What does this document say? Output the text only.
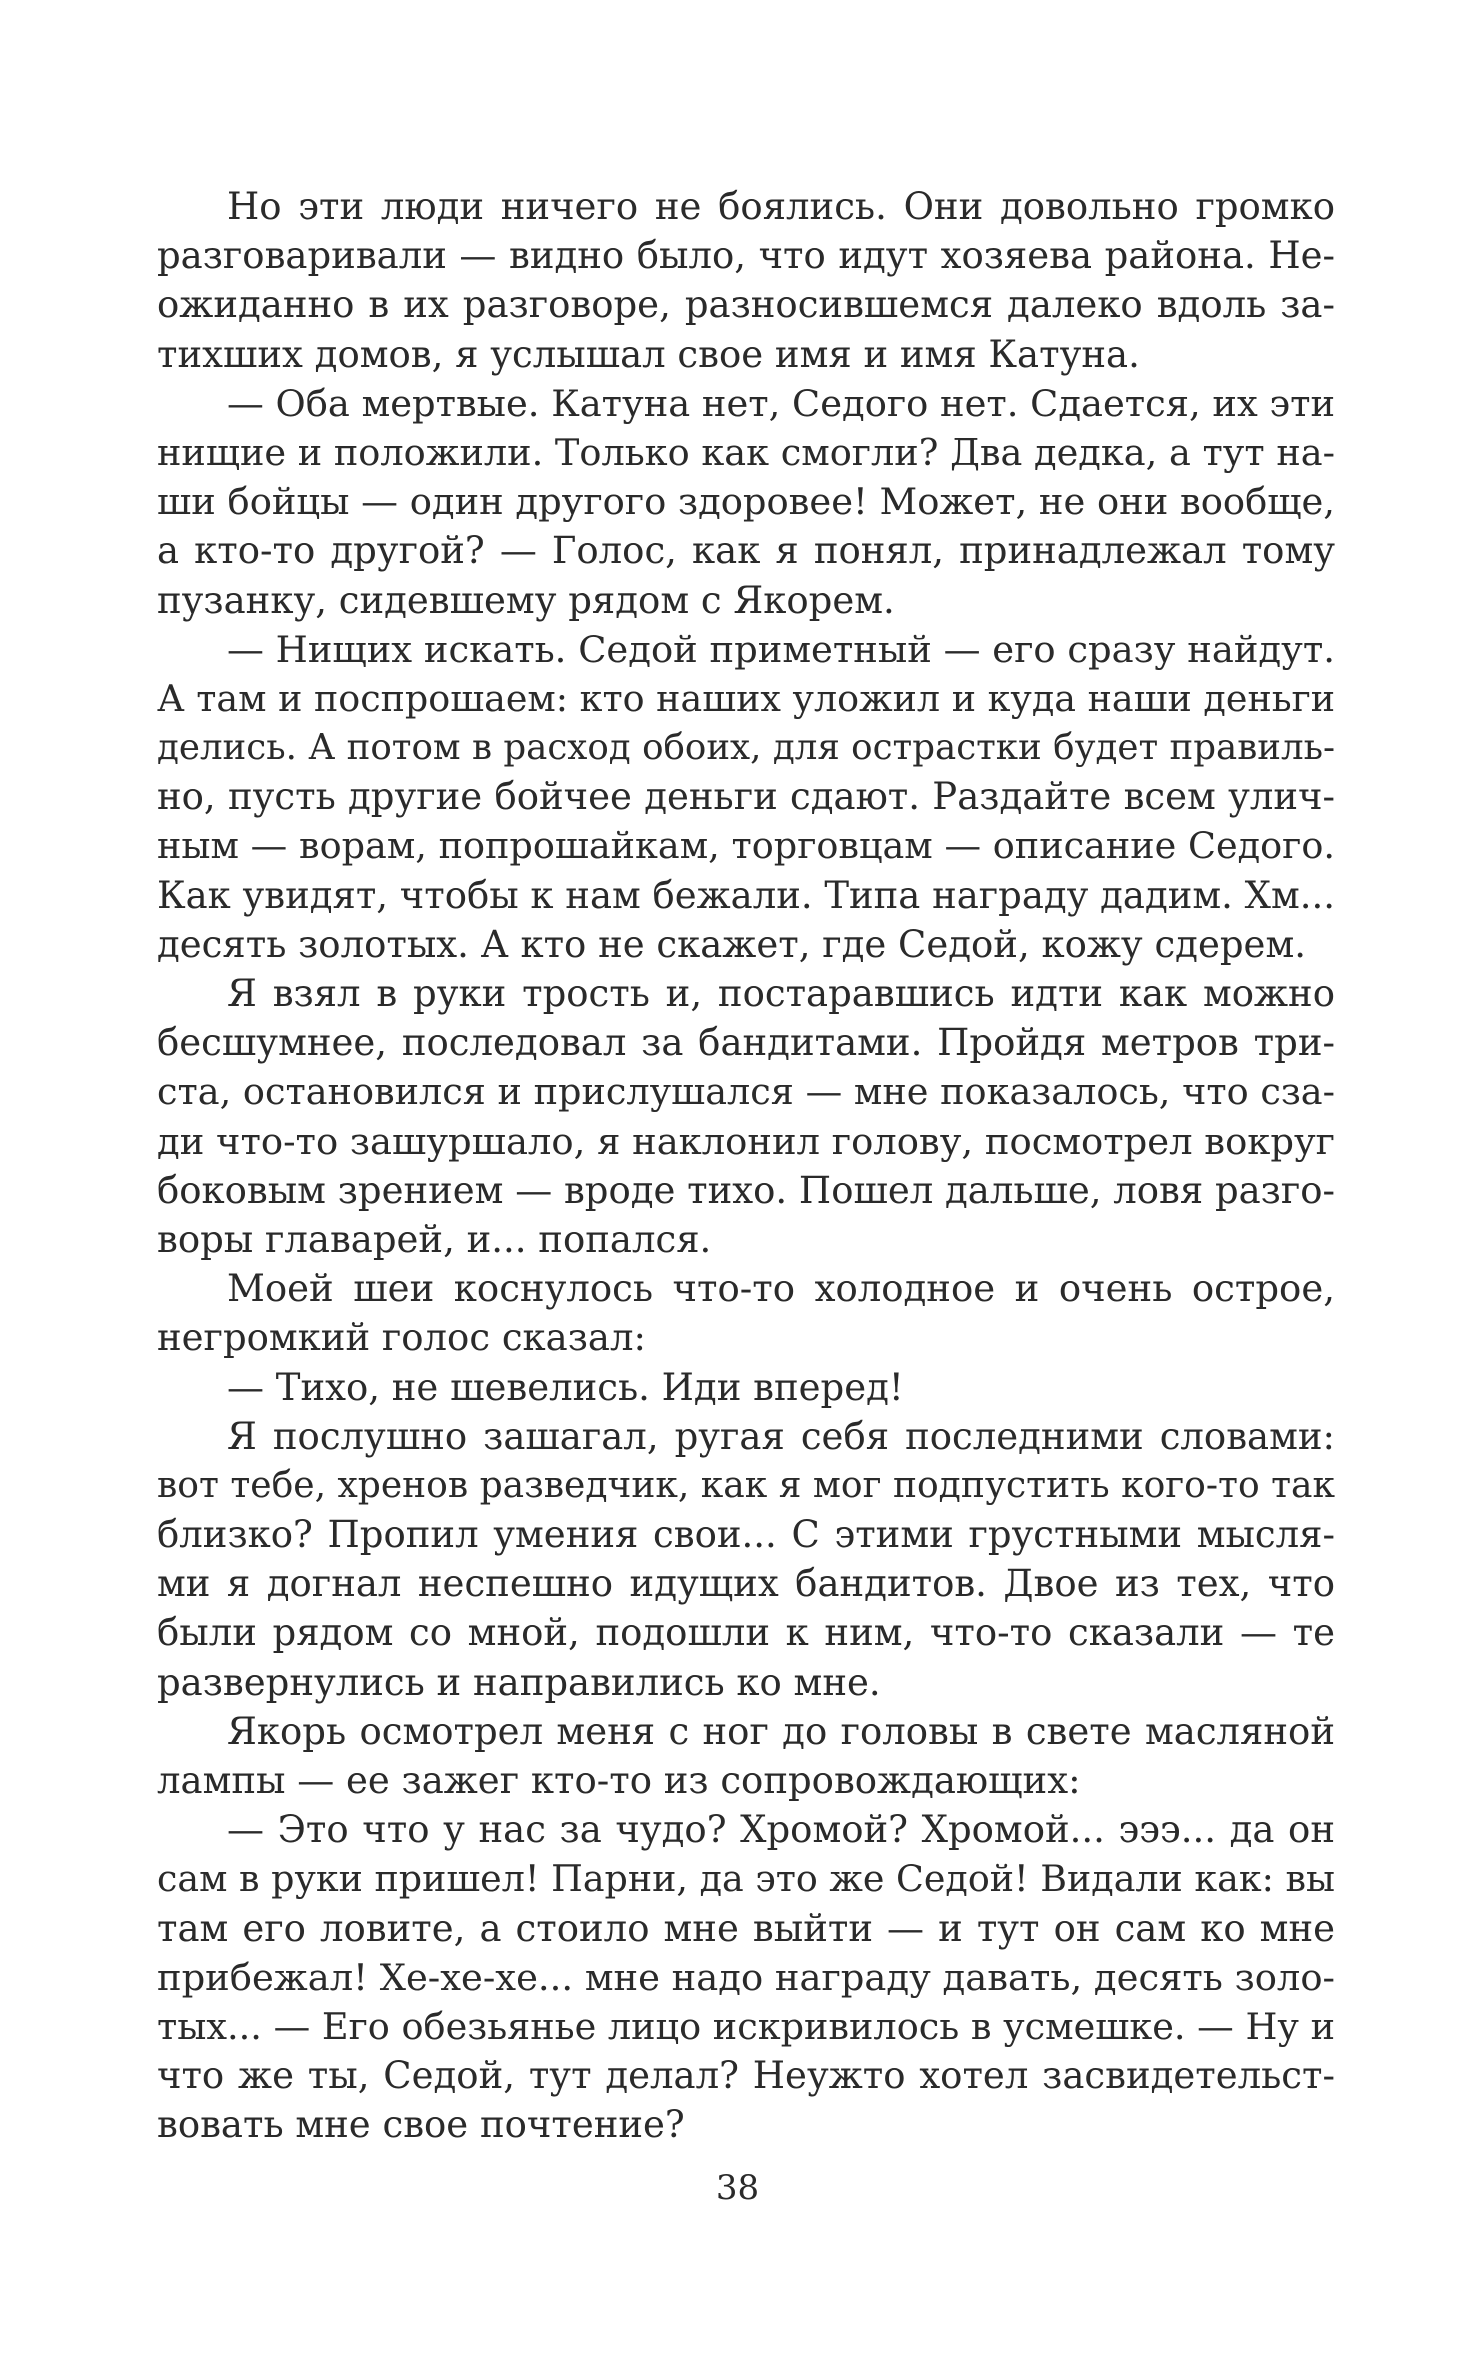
Но эти люди ничего не боялись. Они довольно громко
разговаривали — видно было, что идут хозяева района. Не-
ожиданно в их разговоре, разносившемся далеко вдоль за-
тихших домов, я услышал свое имя и имя Катуна.
— Оба мертвые. Катуна нет, Седого нет. Сдается, их эти
нищие и положили. Только как смогли? Два дедка, а тут на-
ши бойцы — один другого здоровее! Может, не они вообще,
а кто-то другой? — Голос, как я понял, принадлежал тому
пузанку, сидевшему рядом с Якорем.
— Нищих искать. Седой приметный — его сразу найдут.
А там и поспрошаем: кто наших уложил и куда наши деньги
делись. А потом в расход обоих, для острастки будет правиль-
но, пусть другие бойчее деньги сдают. Раздайте всем улич-
ным — ворам, попрошайкам, торговцам — описание Седого.
Как увидят, чтобы к нам бежали. Типа награду дадим. Хм...
десять золотых. А кто не скажет, где Седой, кожу сдерем.
Я взял в руки трость и, постаравшись идти как можно
бесшумнее, последовал за бандитами. Пройдя метров три-
ста, остановился и прислушался — мне показалось, что сза-
ди что-то зашуршало, я наклонил голову, посмотрел вокруг
боковым зрением — вроде тихо. Пошел дальше, ловя разго-
воры главарей, и... попался.
Моей шеи коснулось что-то холодное и очень острое,
негромкий голос сказал:
— Тихо, не шевелись. Иди вперед!
Я послушно зашагал, ругая себя последними словами:
вот тебе, хренов разведчик, как я мог подпустить кого-то так
близко? Пропил умения свои... С этими грустными мысля-
ми я догнал неспешно идущих бандитов. Двое из тех, что
были рядом со мной, подошли к ним, что-то сказали — те
развернулись и направились ко мне.
Якорь осмотрел меня с ног до головы в свете масляной
лампы — ее зажег кто-то из сопровождающих:
— Это что у нас за чудо? Хромой? Хромой... эээ... да он
сам в руки пришел! Парни, да это же Седой! Видали как: вы
там его ловите, а стоило мне выйти — и тут он сам ко мне
прибежал! Хе-хе-хе... мне надо награду давать, десять золо-
тых... — Его обезьянье лицо искривилось в усмешке. — Ну и
что же ты, Седой, тут делал? Неужто хотел засвидетельст-
вовать мне свое почтение?
38
